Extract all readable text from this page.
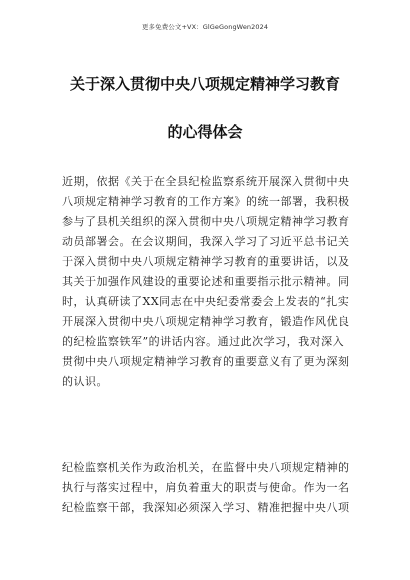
更多免费公文+VX：GlGeGongWen2024
关于深入贯彻中央八项规定精神学习教育
的心得体会
近期，依据《关于在全县纪检监察系统开展深入贯彻中央
八项规定精神学习教育的工作方案》的统一部署，我积极
参与了县机关组织的深入贯彻中央八项规定精神学习教育
动员部署会。在会议期间，我深入学习了习近平总书记关
于深入贯彻中央八项规定精神学习教育的重要讲话，以及
其关于加强作风建设的重要论述和重要指示批示精神。同
时，认真研读了XX同志在中央纪委常委会上发表的“扎实
开展深入贯彻中央八项规定精神学习教育，锻造作风优良
的纪检监察铁军”的讲话内容。通过此次学习，我对深入
贯彻中央八项规定精神学习教育的重要意义有了更为深刻
的认识。
纪检监察机关作为政治机关，在监督中央八项规定精神的
执行与落实过程中，肩负着重大的职责与使命。作为一名
纪检监察干部，我深知必须深入学习、精准把握中央八项
